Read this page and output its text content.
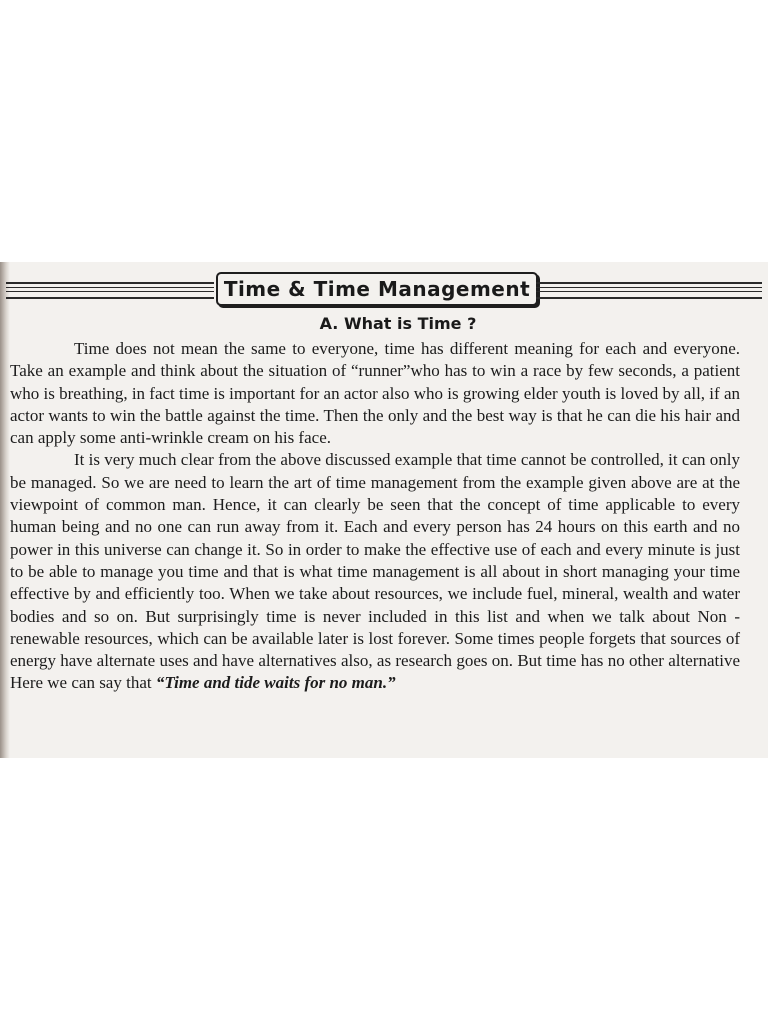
Time & Time Management
A. What is Time ?

Time does not mean the same to everyone, time has different meaning for each and everyone. Take an example and think about the situation of “runner”who has to win a race by few seconds, a patient who is breathing, in fact time is important for an actor also who is growing elder youth is loved by all, if an actor wants to win the battle against the time. Then the only and the best way is that he can die his hair and can apply some anti-wrinkle cream on his face.

It is very much clear from the above discussed example that time cannot be controlled, it can only be managed. So we are need to learn the art of time management from the example given above are at the viewpoint of common man. Hence, it can clearly be seen that the concept of time applicable to every human being and no one can run away from it. Each and every person has 24 hours on this earth and no power in this universe can change it. So in order to make the effective use of each and every minute is just to be able to manage you time and that is what time management is all about in short managing your time effective by and efficiently too. When we take about resources, we include fuel, mineral, wealth and water bodies and so on. But surprisingly time is never included in this list and when we talk about Non -renewable resources, which can be available later is lost forever. Some times people forgets that sources of energy have alternate uses and have alternatives also, as research goes on. But time has no other alternative Here we can say that “Time and tide waits for no man.”
